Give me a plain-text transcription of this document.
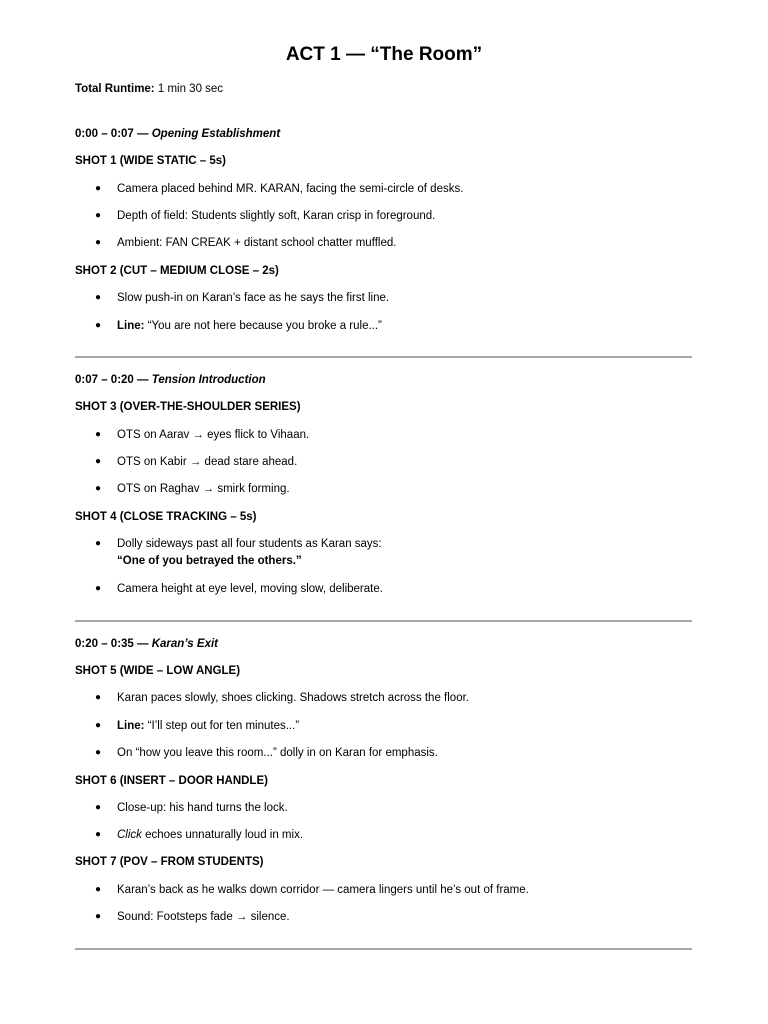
ACT 1 — “The Room”
Total Runtime: 1 min 30 sec
0:00 – 0:07 — Opening Establishment
SHOT 1 (WIDE STATIC – 5s)
● Camera placed behind MR. KARAN, facing the semi-circle of desks.
● Depth of field: Students slightly soft, Karan crisp in foreground.
● Ambient: FAN CREAK + distant school chatter muffled.
SHOT 2 (CUT – MEDIUM CLOSE – 2s)
● Slow push-in on Karan’s face as he says the first line.
● Line: “You are not here because you broke a rule...”
0:07 – 0:20 — Tension Introduction
SHOT 3 (OVER-THE-SHOULDER SERIES)
● OTS on Aarav → eyes flick to Vihaan.
● OTS on Kabir → dead stare ahead.
● OTS on Raghav → smirk forming.
SHOT 4 (CLOSE TRACKING – 5s)
● Dolly sideways past all four students as Karan says:
“One of you betrayed the others.”
● Camera height at eye level, moving slow, deliberate.
0:20 – 0:35 — Karan’s Exit
SHOT 5 (WIDE – LOW ANGLE)
● Karan paces slowly, shoes clicking. Shadows stretch across the floor.
● Line: “I’ll step out for ten minutes...”
● On “how you leave this room...” dolly in on Karan for emphasis.
SHOT 6 (INSERT – DOOR HANDLE)
● Close-up: his hand turns the lock.
● Click echoes unnaturally loud in mix.
SHOT 7 (POV – FROM STUDENTS)
● Karan’s back as he walks down corridor — camera lingers until he’s out of frame.
● Sound: Footsteps fade → silence.
